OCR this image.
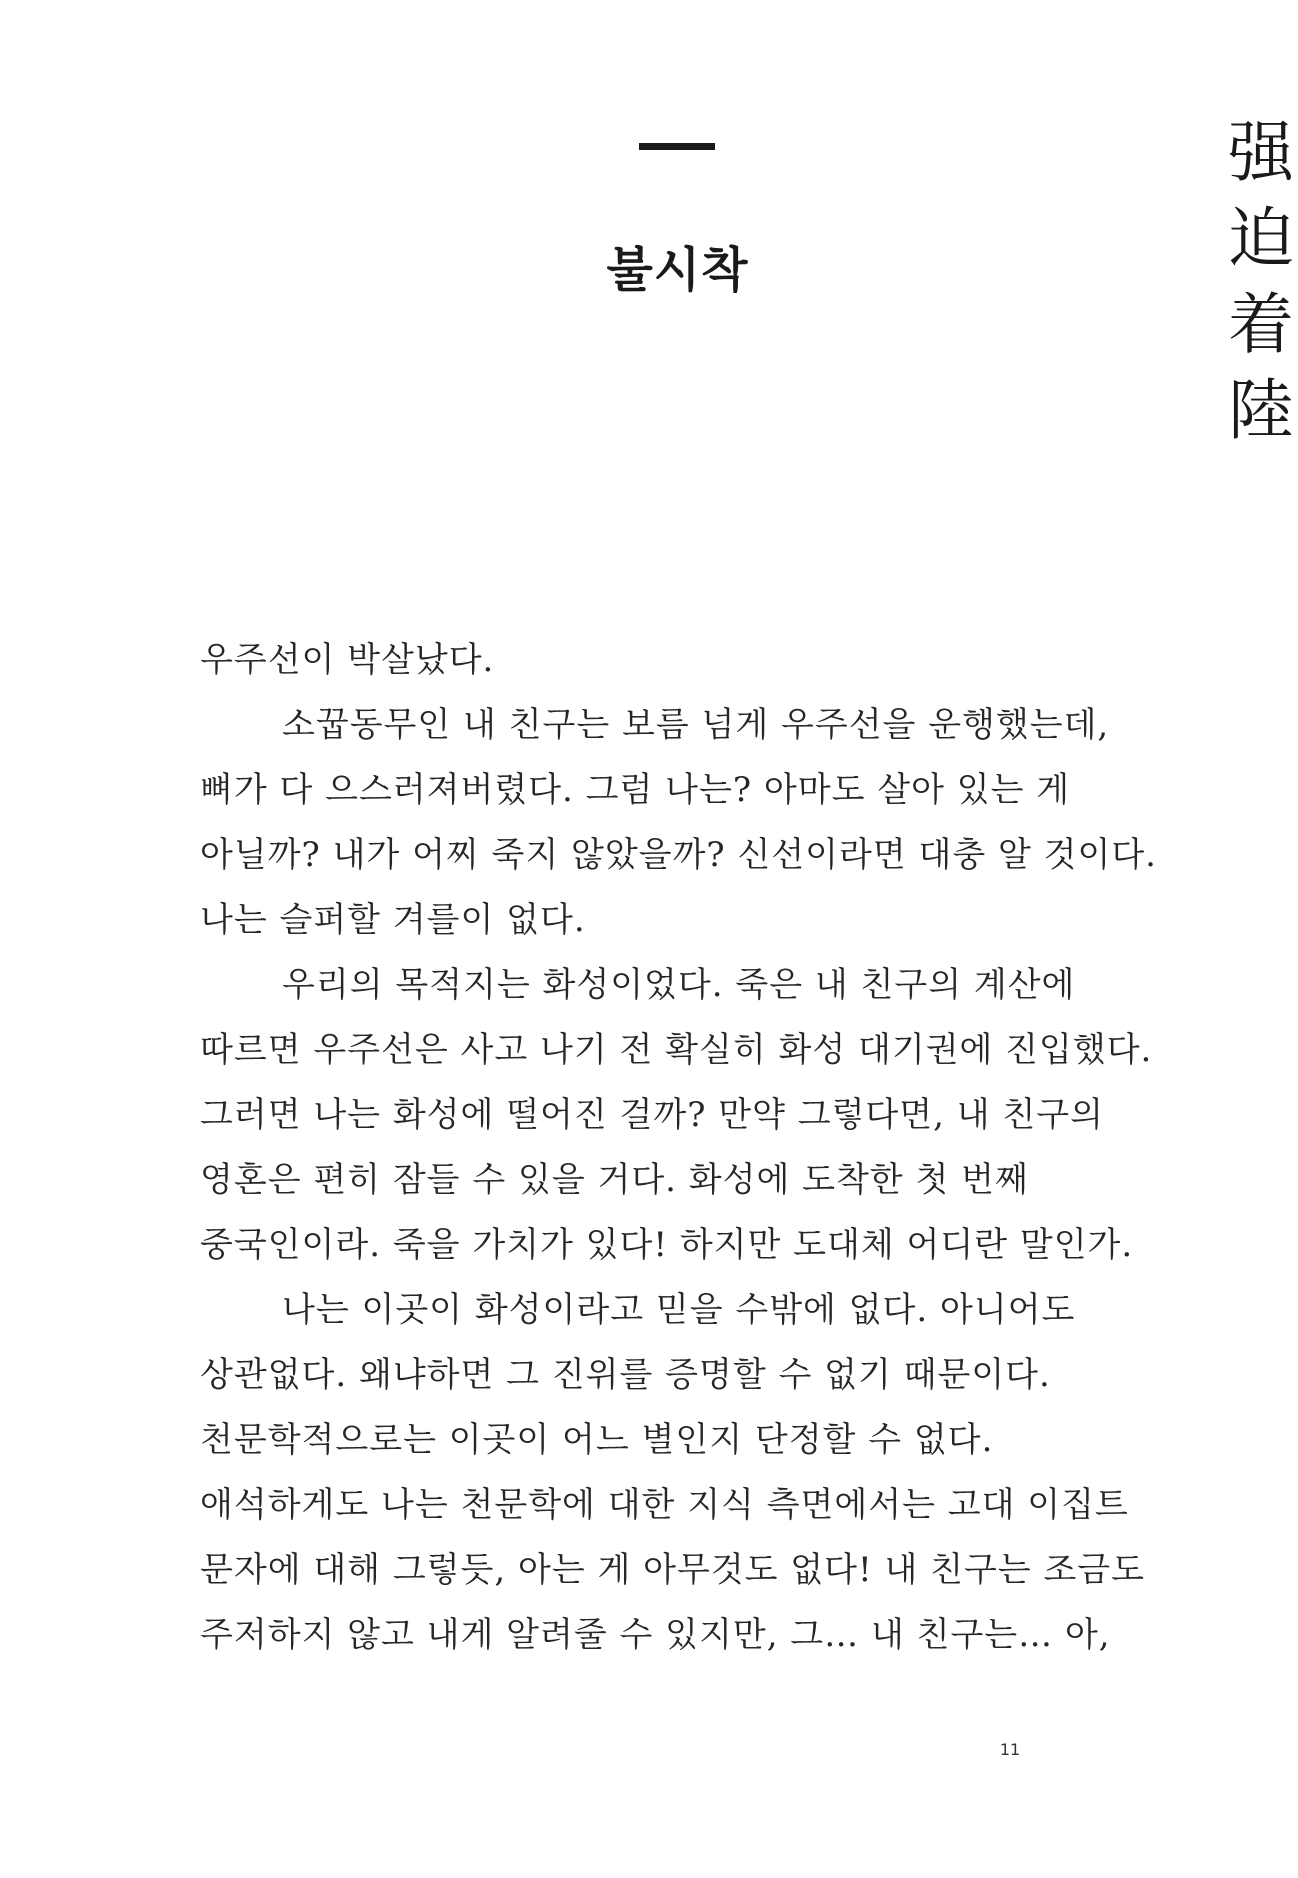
불시착
强
迫
着
陸
우주선이 박살났다.
소꿉동무인 내 친구는 보름 넘게 우주선을 운행했는데,
뼈가 다 으스러져버렸다. 그럼 나는? 아마도 살아 있는 게
아닐까? 내가 어찌 죽지 않았을까? 신선이라면 대충 알 것이다.
나는 슬퍼할 겨를이 없다.
우리의 목적지는 화성이었다. 죽은 내 친구의 계산에
따르면 우주선은 사고 나기 전 확실히 화성 대기권에 진입했다.
그러면 나는 화성에 떨어진 걸까? 만약 그렇다면, 내 친구의
영혼은 편히 잠들 수 있을 거다. 화성에 도착한 첫 번째
중국인이라. 죽을 가치가 있다! 하지만 도대체 어디란 말인가.
나는 이곳이 화성이라고 믿을 수밖에 없다. 아니어도
상관없다. 왜냐하면 그 진위를 증명할 수 없기 때문이다.
천문학적으로는 이곳이 어느 별인지 단정할 수 없다.
애석하게도 나는 천문학에 대한 지식 측면에서는 고대 이집트
문자에 대해 그렇듯, 아는 게 아무것도 없다! 내 친구는 조금도
주저하지 않고 내게 알려줄 수 있지만, 그… 내 친구는… 아,
11
